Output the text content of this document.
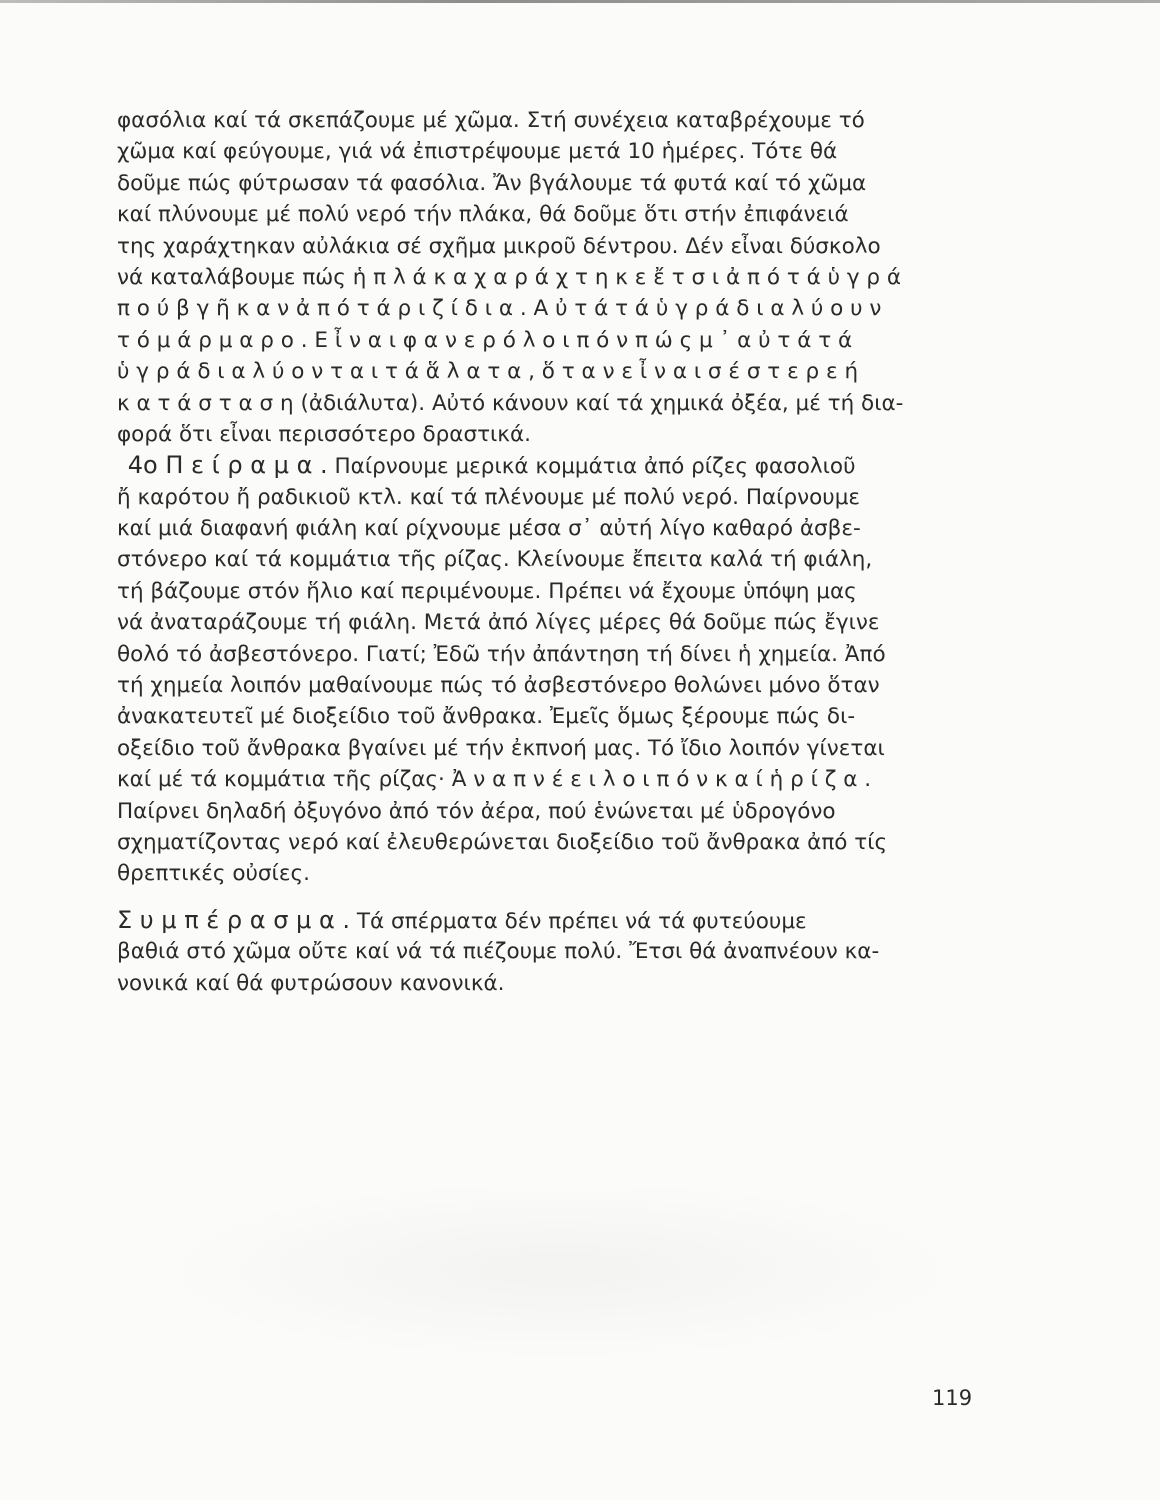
φασόλια καί τά σκεπάζουμε μέ χῶμα. Στή συνέχεια καταβρέχουμε τό
χῶμα καί φεύγουμε, γιά νά ἐπιστρέψουμε μετά 10 ἡμέρες. Τότε θά
δοῦμε πώς φύτρωσαν τά φασόλια. Ἄν βγάλουμε τά φυτά καί τό χῶμα
καί πλύνουμε μέ πολύ νερό τήν πλάκα, θά δοῦμε ὅτι στήν ἐπιφάνειά
της χαράχτηκαν αὐλάκια σέ σχῆμα μικροῦ δέντρου. Δέν εἶναι δύσκολο
νά καταλάβουμε πώς ἡ π λ ά κ α χ α ρ ά χ τ η κ ε ἔ τ σ ι ἀ π ό τ ά ὑ γ ρ ά
π ο ύ β γ ῆ κ α ν ἀ π ό τ ά ρ ι ζ ί δ ι α . Α ὐ τ ά τ ά ὑ γ ρ ά δ ι α λ ύ ο υ ν
τ ό μ ά ρ μ α ρ ο . Ε ἶ ν α ι φ α ν ε ρ ό λ ο ι π ό ν π ώ ς μ ᾽ α ὐ τ ά τ ά
ὑ γ ρ ά δ ι α λ ύ ο ν τ α ι τ ά ἅ λ α τ α , ὅ τ α ν ε ἶ ν α ι σ έ σ τ ε ρ ε ή
κ α τ ά σ τ α σ η (ἀδιάλυτα). Αὐτό κάνουν καί τά χημικά ὀξέα, μέ τή δια-
φορά ὅτι εἶναι περισσότερο δραστικά.
 4ο Π ε ί ρ α μ α . Παίρνουμε μερικά κομμάτια ἀπό ρίζες φασολιοῦ
ἤ καρότου ἤ ραδικιοῦ κτλ. καί τά πλένουμε μέ πολύ νερό. Παίρνουμε
καί μιά διαφανή φιάλη καί ρίχνουμε μέσα σ᾽ αὐτή λίγο καθαρό ἀσβε-
στόνερο καί τά κομμάτια τῆς ρίζας. Κλείνουμε ἔπειτα καλά τή φιάλη,
τή βάζουμε στόν ἥλιο καί περιμένουμε. Πρέπει νά ἔχουμε ὑπόψη μας
νά ἀναταράζουμε τή φιάλη. Μετά ἀπό λίγες μέρες θά δοῦμε πώς ἔγινε
θολό τό ἀσβεστόνερο. Γιατί; Ἐδῶ τήν ἀπάντηση τή δίνει ἡ χημεία. Ἀπό
τή χημεία λοιπόν μαθαίνουμε πώς τό ἀσβεστόνερο θολώνει μόνο ὅταν
ἀνακατευτεῖ μέ διοξείδιο τοῦ ἄνθρακα. Ἐμεῖς ὅμως ξέρουμε πώς δι-
οξείδιο τοῦ ἄνθρακα βγαίνει μέ τήν ἐκπνοή μας. Τό ἴδιο λοιπόν γίνεται
καί μέ τά κομμάτια τῆς ρίζας· Ἀ ν α π ν έ ε ι λ ο ι π ό ν κ α ί ἡ ρ ί ζ α .
Παίρνει δηλαδή ὀξυγόνο ἀπό τόν ἀέρα, πού ἑνώνεται μέ ὑδρογόνο
σχηματίζοντας νερό καί ἐλευθερώνεται διοξείδιο τοῦ ἄνθρακα ἀπό τίς
θρεπτικές οὐσίες.
Σ υ μ π έ ρ α σ μ α . Τά σπέρματα δέν πρέπει νά τά φυτεύουμε
βαθιά στό χῶμα οὔτε καί νά τά πιέζουμε πολύ. Ἔτσι θά ἀναπνέουν κα-
νονικά καί θά φυτρώσουν κανονικά.
119
